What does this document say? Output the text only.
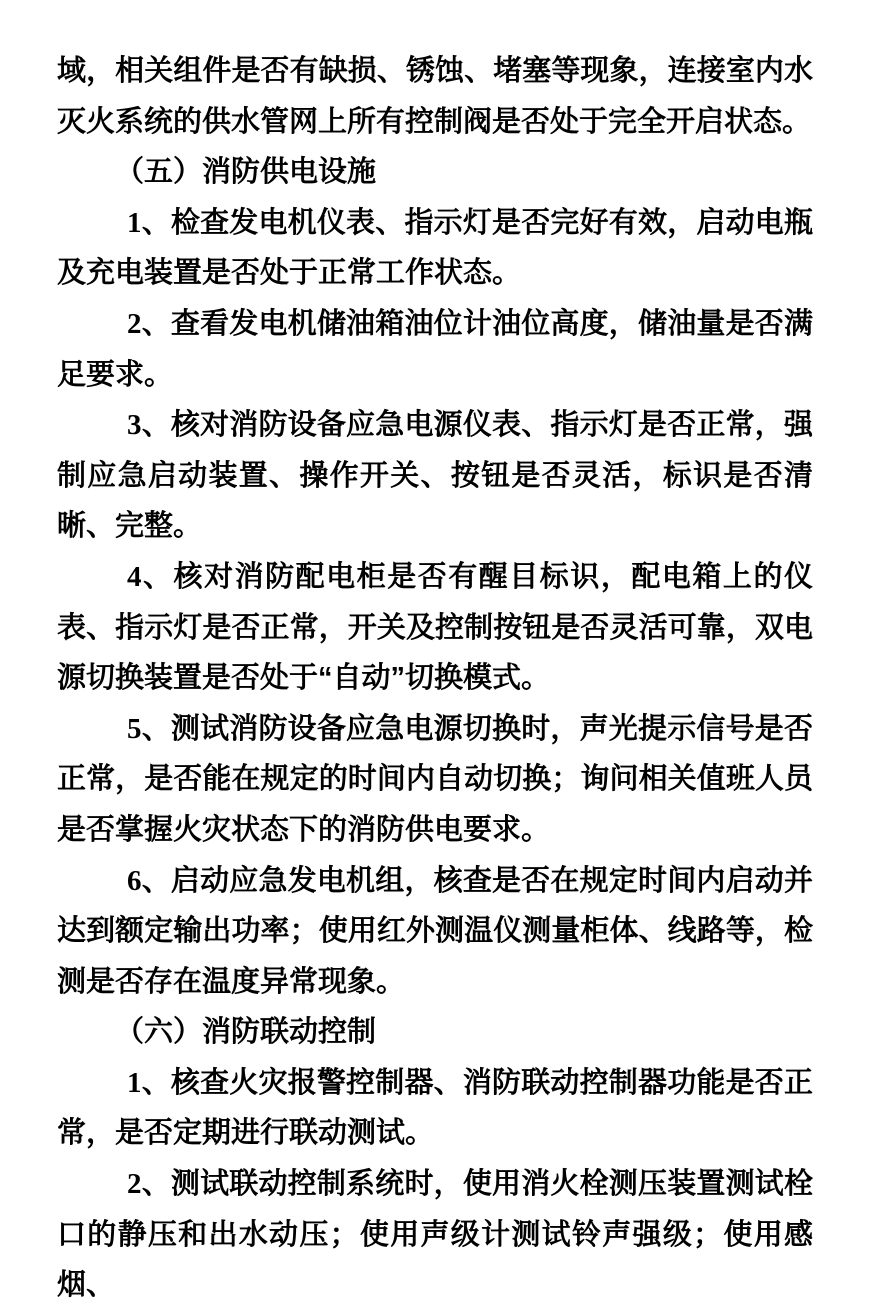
域，相关组件是否有缺损、锈蚀、堵塞等现象，连接室内水灭火系统的供水管网上所有控制阀是否处于完全开启状态。

（五）消防供电设施

1、检查发电机仪表、指示灯是否完好有效，启动电瓶及充电装置是否处于正常工作状态。

2、查看发电机储油箱油位计油位高度，储油量是否满足要求。

3、核对消防设备应急电源仪表、指示灯是否正常，强制应急启动装置、操作开关、按钮是否灵活，标识是否清晰、完整。

4、核对消防配电柜是否有醒目标识，配电箱上的仪表、指示灯是否正常，开关及控制按钮是否灵活可靠，双电源切换装置是否处于“自动”切换模式。

5、测试消防设备应急电源切换时，声光提示信号是否正常，是否能在规定的时间内自动切换；询问相关值班人员是否掌握火灾状态下的消防供电要求。

6、启动应急发电机组，核查是否在规定时间内启动并达到额定输出功率；使用红外测温仪测量柜体、线路等，检测是否存在温度异常现象。

（六）消防联动控制

1、核查火灾报警控制器、消防联动控制器功能是否正常，是否定期进行联动测试。

2、测试联动控制系统时，使用消火栓测压装置测试栓口的静压和出水动压；使用声级计测试铃声强级；使用感烟、
